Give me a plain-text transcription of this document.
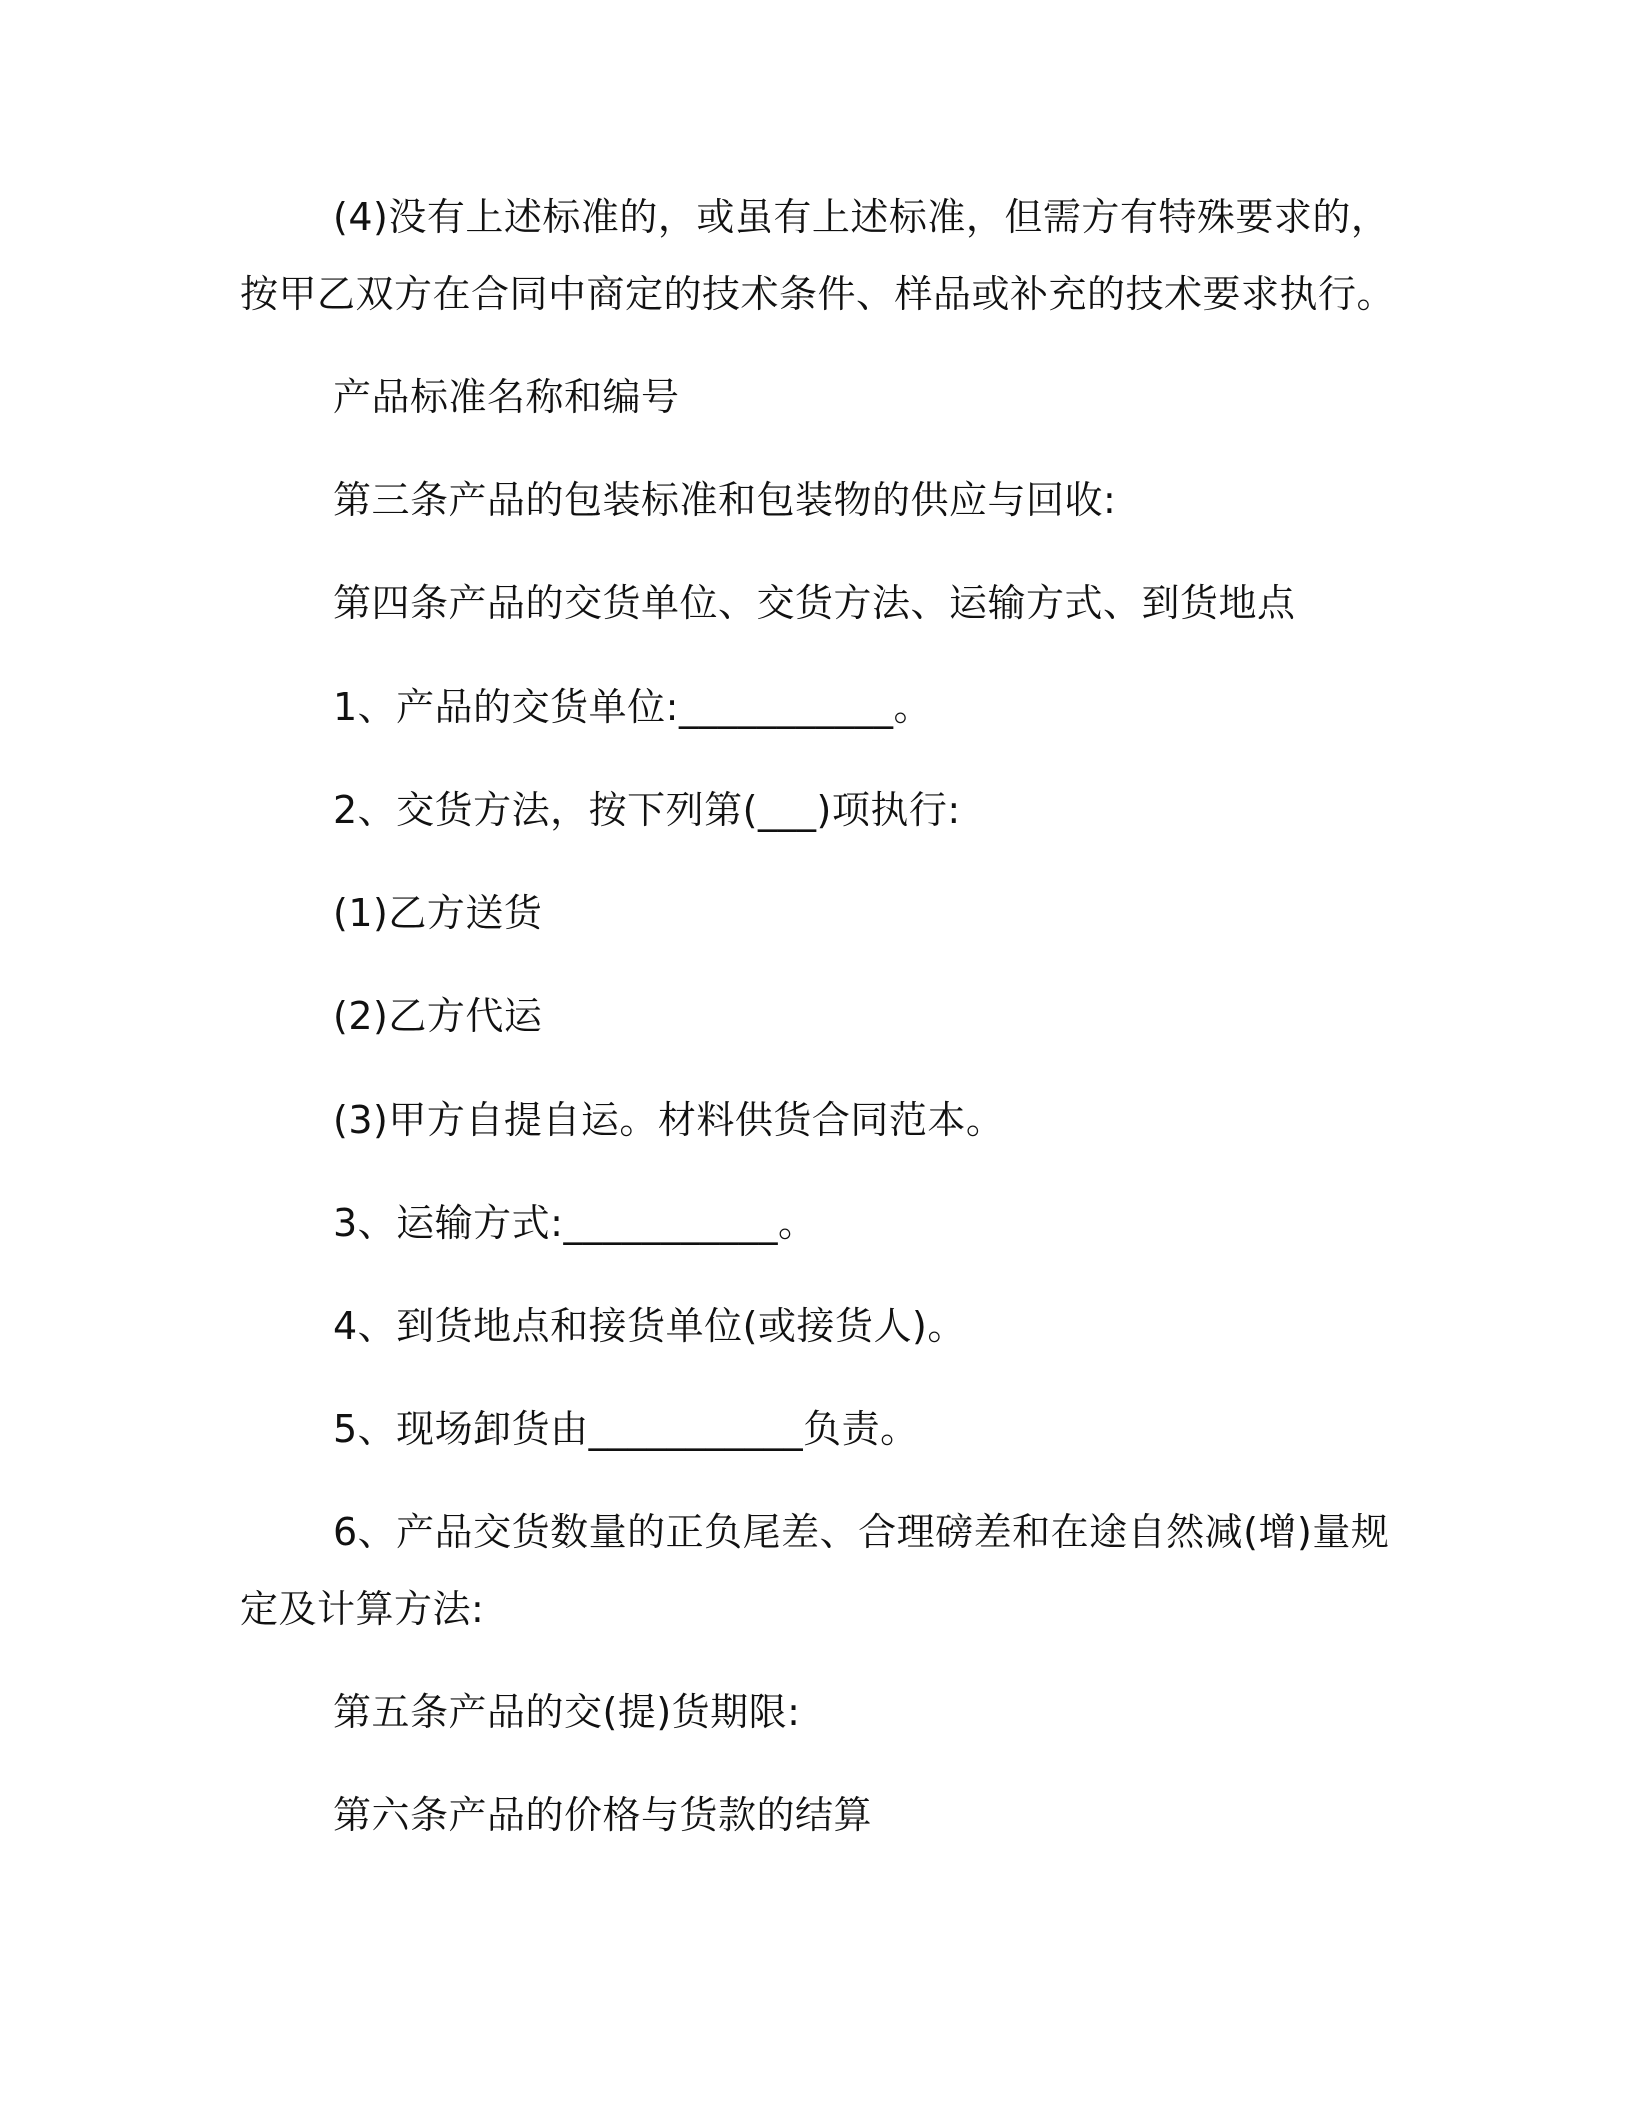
(4)没有上述标准的，或虽有上述标准，但需方有特殊要求的，
按甲乙双方在合同中商定的技术条件、样品或补充的技术要求执行。
产品标准名称和编号
第三条产品的包装标准和包装物的供应与回收:
第四条产品的交货单位、交货方法、运输方式、到货地点
1、产品的交货单位:___________。
2、交货方法，按下列第(___)项执行:
(1)乙方送货
(2)乙方代运
(3)甲方自提自运。材料供货合同范本。
3、运输方式:___________。
4、到货地点和接货单位(或接货人)。
5、现场卸货由___________负责。
6、产品交货数量的正负尾差、合理磅差和在途自然减(增)量规
定及计算方法:
第五条产品的交(提)货期限:
第六条产品的价格与货款的结算
